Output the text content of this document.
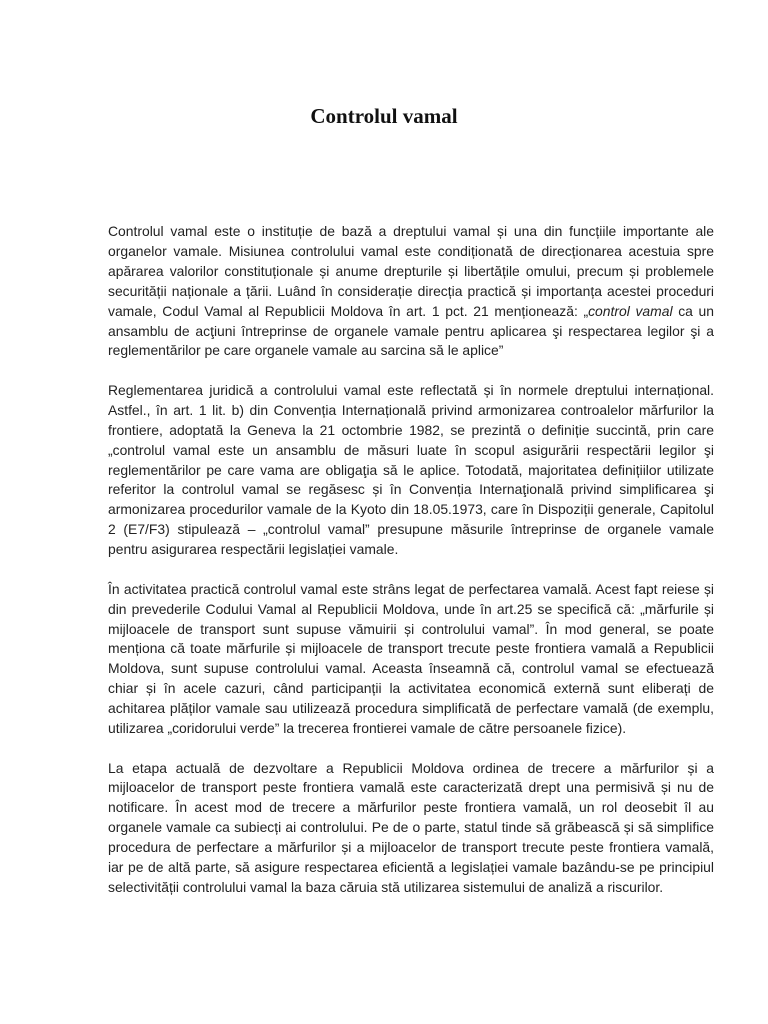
Controlul vamal

Controlul vamal este o instituție de bază a dreptului vamal și una din funcțiile importante ale organelor vamale. Misiunea controlului vamal este condiționată de direcționarea acestuia spre apărarea valorilor constituționale și anume drepturile și libertățile omului, precum și problemele securității naționale a țării. Luând în considerație direcția practică și importanța acestei proceduri vamale, Codul Vamal al Republicii Moldova în art. 1 pct. 21 menționează: „control vamal ca un ansamblu de acţiuni întreprinse de organele vamale pentru aplicarea şi respectarea legilor şi a reglementărilor pe care organele vamale au sarcina să le aplice”

Reglementarea juridică a controlului vamal este reflectată și în normele dreptului internațional. Astfel., în art. 1 lit. b) din Convenția Internațională privind armonizarea controalelor mărfurilor la frontiere, adoptată la Geneva la 21 octombrie 1982, se prezintă o definiție succintă, prin care „controlul vamal este un ansamblu de măsuri luate în scopul asigurării respectării legilor şi reglementărilor pe care vama are obligaţia să le aplice. Totodată, majoritatea definițiilor utilizate referitor la controlul vamal se regăsesc și în Convenția Internaţională privind simplificarea şi armonizarea procedurilor vamale de la Kyoto din 18.05.1973, care în Dispoziții generale, Capitolul 2 (E7/F3) stipulează – „controlul vamal” presupune măsurile întreprinse de organele vamale pentru asigurarea respectării legislației vamale.

În activitatea practică controlul vamal este strâns legat de perfectarea vamală. Acest fapt reiese și din prevederile Codului Vamal al Republicii Moldova, unde în art.25 se specifică că: „mărfurile și mijloacele de transport sunt supuse vămuirii și controlului vamal”. În mod general, se poate menționa că toate mărfurile și mijloacele de transport trecute peste frontiera vamală a Republicii Moldova, sunt supuse controlului vamal. Aceasta înseamnă că, controlul vamal se efectuează chiar și în acele cazuri, când participanții la activitatea economică externă sunt eliberați de achitarea plăților vamale sau utilizează procedura simplificată de perfectare vamală (de exemplu, utilizarea „coridorului verde” la trecerea frontierei vamale de către persoanele fizice).

La etapa actuală de dezvoltare a Republicii Moldova ordinea de trecere a mărfurilor și a mijloacelor de transport peste frontiera vamală este caracterizată drept una permisivă și nu de notificare. În acest mod de trecere a mărfurilor peste frontiera vamală, un rol deosebit îl au organele vamale ca subiecți ai controlului. Pe de o parte, statul tinde să grăbească și să simplifice procedura de perfectare a mărfurilor și a mijloacelor de transport trecute peste frontiera vamală, iar pe de altă parte, să asigure respectarea eficientă a legislației vamale bazându-se pe principiul selectivității controlului vamal la baza căruia stă utilizarea sistemului de analiză a riscurilor.
